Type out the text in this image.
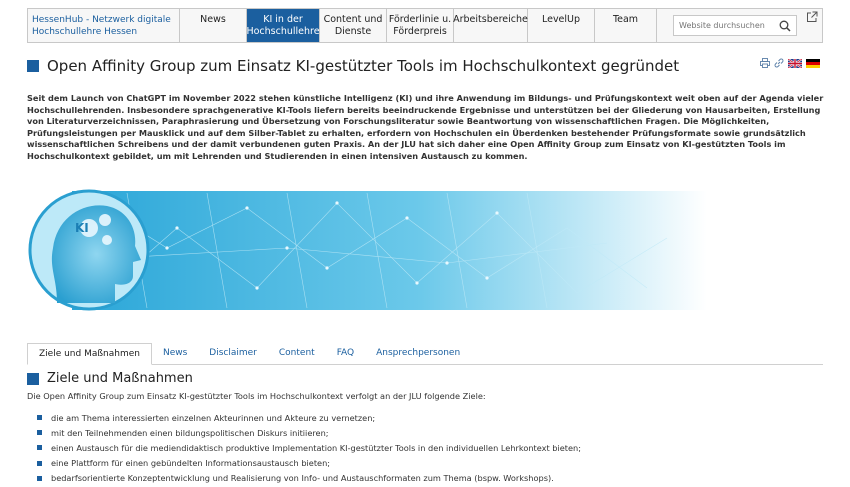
HessenHub - Netzwerk digitale Hochschullehre Hessen
News	KI in der Hochschullehre
Content und Dienste
Förderlinie u. Förderpreis
Arbeitsbereiche	LevelUp	Team
Website durchsuchen
Open Affinity Group zum Einsatz KI-gestützter Tools im Hochschulkontext gegründet

Seit dem Launch von ChatGPT im November 2022 stehen künstliche Intelligenz (KI) und ihre Anwendung im Bildungs- und Prüfungskontext weit oben auf der Agenda vieler Hochschullehrenden. Insbesondere sprachgenerative KI-Tools liefern bereits beeindruckende Ergebnisse und unterstützen bei der Gliederung von Hausarbeiten, Erstellung von Literaturverzeichnissen, Paraphrasierung und Übersetzung von Forschungsliteratur sowie Beantwortung von wissenschaftlichen Fragen. Die Möglichkeiten, Prüfungsleistungen per Mausklick und auf dem Silber-Tablet zu erhalten, erfordern von Hochschulen ein Überdenken bestehender Prüfungsformate sowie grundsätzlich wissenschaftlichen Schreibens und der damit verbundenen guten Praxis. An der JLU hat sich daher eine Open Affinity Group zum Einsatz von KI-gestützten Tools im Hochschulkontext gebildet, um mit Lehrenden und Studierenden in einen intensiven Austausch zu kommen.

KI
Ziele und Maßnahmen	News	Disclaimer	Content	FAQ	Ansprechpersonen
Ziele und Maßnahmen

Die Open Affinity Group zum Einsatz KI-gestützter Tools im Hochschulkontext verfolgt an der JLU folgende Ziele:

die am Thema interessierten einzelnen Akteurinnen und Akteure zu vernetzen;
mit den Teilnehmenden einen bildungspolitischen Diskurs initiieren;
einen Austausch für die mediendidaktisch produktive Implementation KI-gestützter Tools in den individuellen Lehrkontext bieten;
eine Plattform für einen gebündelten Informationsaustausch bieten;
bedarfsorientierte Konzeptentwicklung und Realisierung von Info- und Austauschformaten zum Thema (bspw. Workshops).
